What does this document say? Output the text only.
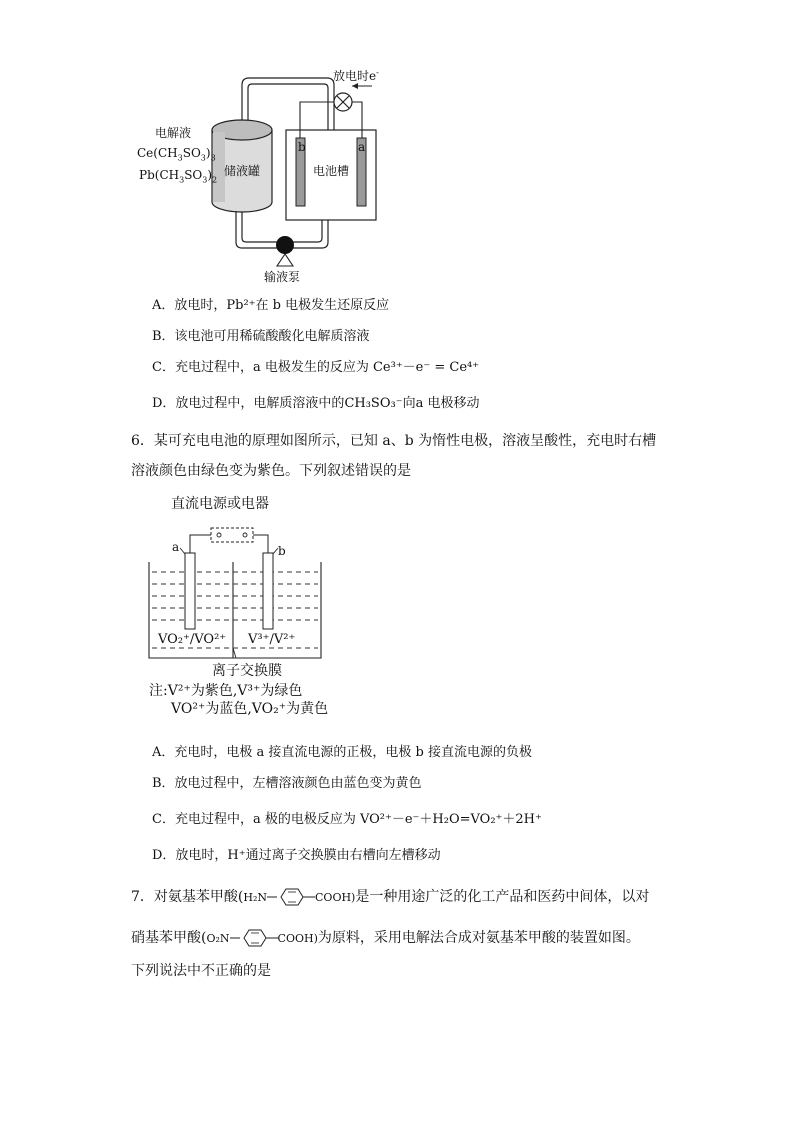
放电时e-
电解液
$Ce(CH_3SO_3)_3$
$Pb(CH_3SO_3)_2$
储液罐	电池槽
b	a
输液泵
A．放电时，Pb²⁺在 b 电极发生还原反应
B．该电池可用稀硫酸酸化电解质溶液
C．充电过程中，a 电极发生的反应为 Ce³⁺－e⁻ = Ce⁴⁺
D．放电过程中，电解质溶液中的CH₃SO₃⁻向a 电极移动
6．某可充电电池的原理如图所示，已知 a、b 为惰性电极，溶液呈酸性，充电时右槽
溶液颜色由绿色变为紫色。下列叙述错误的是
直流电源或电器
a	b
VO₂⁺/VO²⁺ V³⁺/V²⁺
离子交换膜
注:V²⁺为紫色,V³⁺为绿色
VO²⁺为蓝色,VO₂⁺为黄色
A．充电时，电极 a 接直流电源的正极，电极 b 接直流电源的负极
B．放电过程中，左槽溶液颜色由蓝色变为黄色
C．充电过程中，a 极的电极反应为 VO²⁺－e⁻＋H₂O=VO₂⁺＋2H⁺
D．放电时，H⁺通过离子交换膜由右槽向左槽移动
7．对氨基苯甲酸(H₂N	COOH)是一种用途广泛的化工产品和医药中间体，以对
硝基苯甲酸(O₂N	COOH)为原料，采用电解法合成对氨基苯甲酸的装置如图。
下列说法中不正确的是
